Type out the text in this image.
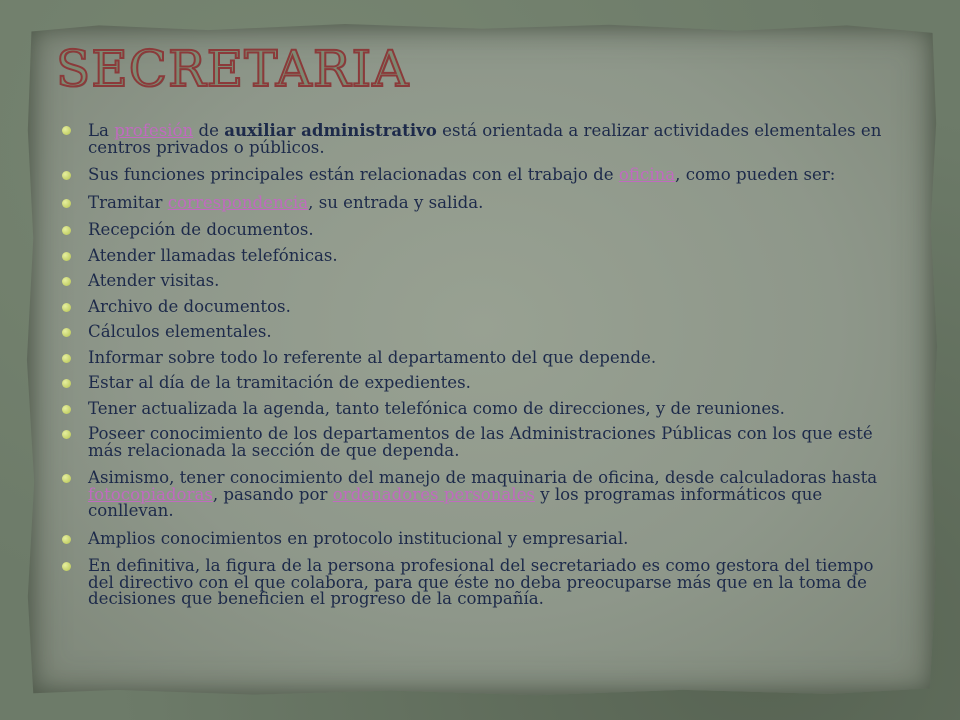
SECRETARIA
La profesión de auxiliar administrativo está orientada a realizar actividades elementales en centros privados o públicos.
Sus funciones principales están relacionadas con el trabajo de oficina, como pueden ser:
Tramitar correspondencia, su entrada y salida.
Recepción de documentos.
Atender llamadas telefónicas.
Atender visitas.
Archivo de documentos.
Cálculos elementales.
Informar sobre todo lo referente al departamento del que depende.
Estar al día de la tramitación de expedientes.
Tener actualizada la agenda, tanto telefónica como de direcciones, y de reuniones.
Poseer conocimiento de los departamentos de las Administraciones Públicas con los que esté más relacionada la sección de que dependa.
Asimismo, tener conocimiento del manejo de maquinaria de oficina, desde calculadoras hasta fotocopiadoras, pasando por ordenadores personales y los programas informáticos que conllevan.
Amplios conocimientos en protocolo institucional y empresarial.
En definitiva, la figura de la persona profesional del secretariado es como gestora del tiempo del directivo con el que colabora, para que éste no deba preocuparse más que en la toma de decisiones que beneficien el progreso de la compañía.
